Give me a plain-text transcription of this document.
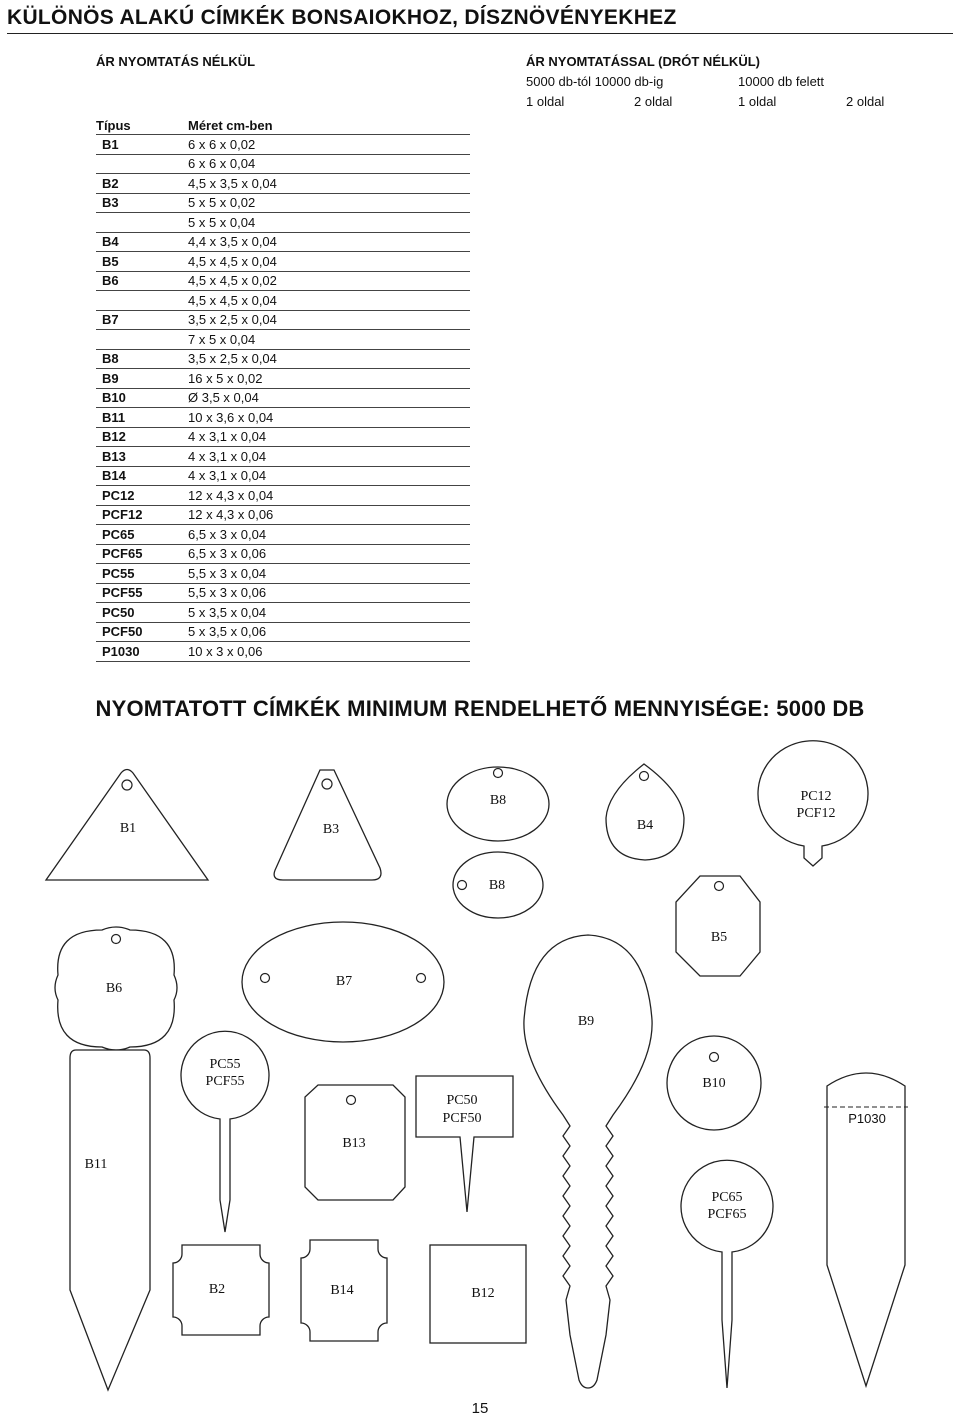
KÜLÖNÖS ALAKÚ CÍMKÉK BONSAIOKHOZ, DÍSZNÖVÉNYEKHEZ
ÁR NYOMTATÁS NÉLKÜL	ÁR NYOMTATÁSSAL (DRÓT NÉLKÜL)
5000 db-tól 10000 db-ig	10000 db felett
1 oldal	2 oldal	1 oldal	2 oldal
Típus	Méret cm-ben
B1	6 x 6 x 0,02
	6 x 6 x 0,04
B2	4,5 x 3,5 x 0,04
B3	5 x 5 x 0,02
	5 x 5 x 0,04
B4	4,4 x 3,5 x 0,04
B5	4,5 x 4,5 x 0,04
B6	4,5 x 4,5 x 0,02
	4,5 x 4,5 x 0,04
B7	3,5 x 2,5 x 0,04
	7 x 5 x 0,04
B8	3,5 x 2,5 x 0,04
B9	16 x 5 x 0,02
B10	Ø 3,5 x 0,04
B11	10 x 3,6 x 0,04
B12	4 x 3,1 x 0,04
B13	4 x 3,1 x 0,04
B14	4 x 3,1 x 0,04
PC12	12 x 4,3 x 0,04
PCF12	12 x 4,3 x 0,06
PC65	6,5 x 3 x 0,04
PCF65	6,5 x 3 x 0,06
PC55	5,5 x 3 x 0,04
PCF55	5,5 x 3 x 0,06
PC50	5 x 3,5 x 0,04
PCF50	5 x 3,5 x 0,06
P1030	10 x 3 x 0,06
NYOMTATOTT CÍMKÉK MINIMUM RENDELHETŐ MENNYISÉGE: 5000 DB
B1	B3
B8
B4
PC12
PCF12
B8
B5
B6	B7
B9
B11
PC55
PCF55
B13
PC50
PCF50
B10
P1030
PC65
PCF65
B2	B14	B12
15
